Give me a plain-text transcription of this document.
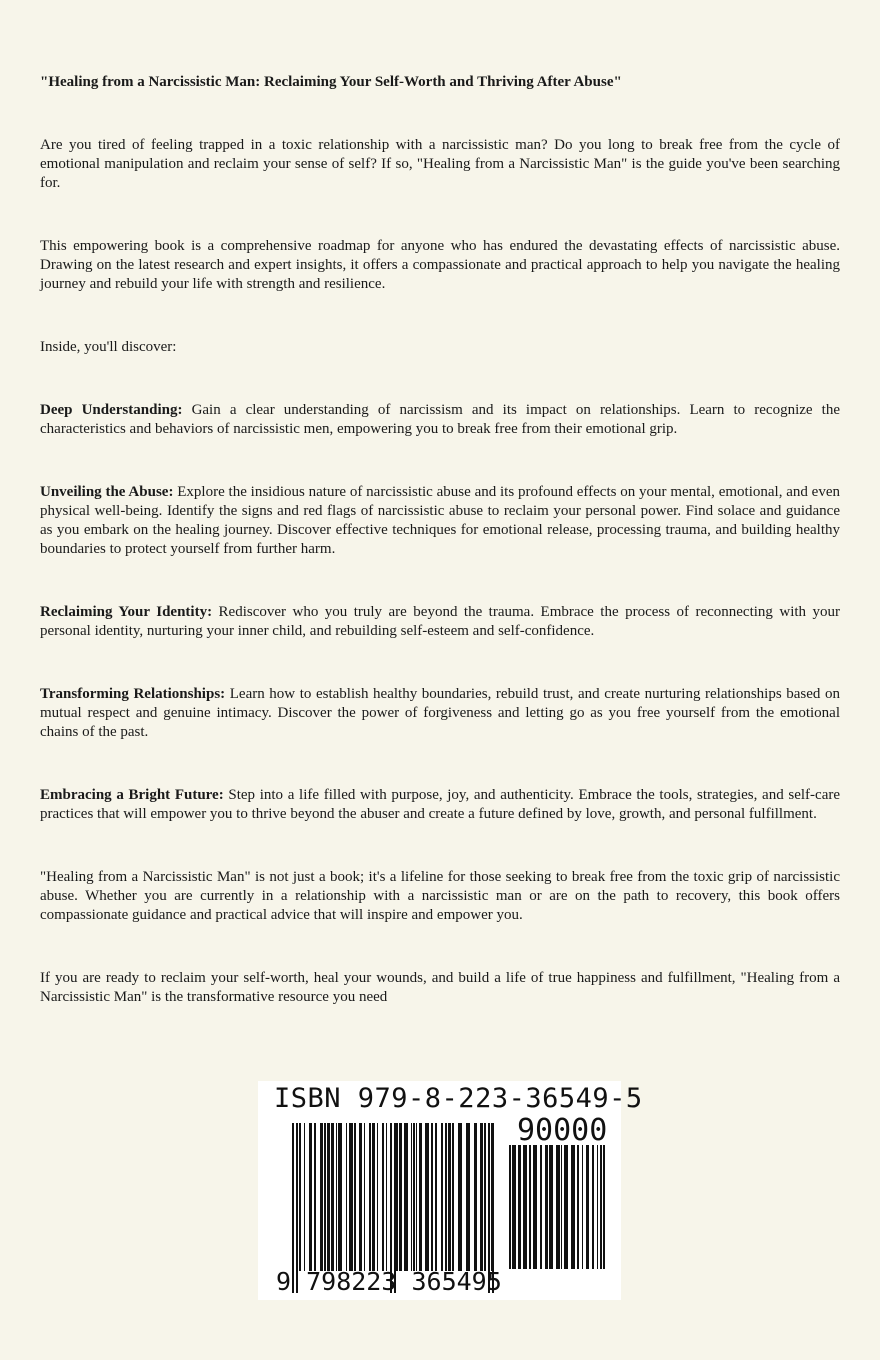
"Healing from a Narcissistic Man: Reclaiming Your Self-Worth and Thriving After Abuse"
Are you tired of feeling trapped in a toxic relationship with a narcissistic man? Do you long to break free from the cycle of emotional manipulation and reclaim your sense of self? If so, "Healing from a Narcissistic Man" is the guide you've been searching for.
This empowering book is a comprehensive roadmap for anyone who has endured the devastating effects of narcissistic abuse. Drawing on the latest research and expert insights, it offers a compassionate and practical approach to help you navigate the healing journey and rebuild your life with strength and resilience.
Inside, you'll discover:
Deep Understanding: Gain a clear understanding of narcissism and its impact on relationships. Learn to recognize the characteristics and behaviors of narcissistic men, empowering you to break free from their emotional grip.
Unveiling the Abuse: Explore the insidious nature of narcissistic abuse and its profound effects on your mental, emotional, and even physical well-being. Identify the signs and red flags of narcissistic abuse to reclaim your personal power. Find solace and guidance as you embark on the healing journey. Discover effective techniques for emotional release, processing trauma, and building healthy boundaries to protect yourself from further harm.
Reclaiming Your Identity: Rediscover who you truly are beyond the trauma. Embrace the process of reconnecting with your personal identity, nurturing your inner child, and rebuilding self-esteem and self-confidence.
Transforming Relationships: Learn how to establish healthy boundaries, rebuild trust, and create nurturing relationships based on mutual respect and genuine intimacy. Discover the power of forgiveness and letting go as you free yourself from the emotional chains of the past.
Embracing a Bright Future: Step into a life filled with purpose, joy, and authenticity. Embrace the tools, strategies, and self-care practices that will empower you to thrive beyond the abuser and create a future defined by love, growth, and personal fulfillment.
"Healing from a Narcissistic Man" is not just a book; it's a lifeline for those seeking to break free from the toxic grip of narcissistic abuse. Whether you are currently in a relationship with a narcissistic man or are on the path to recovery, this book offers compassionate guidance and practical advice that will inspire and empower you.
If you are ready to reclaim your self-worth, heal your wounds, and build a life of true happiness and fulfillment, "Healing from a Narcissistic Man" is the transformative resource you need
ISBN 979-8-223-36549-5
90000
9 798223 365495
